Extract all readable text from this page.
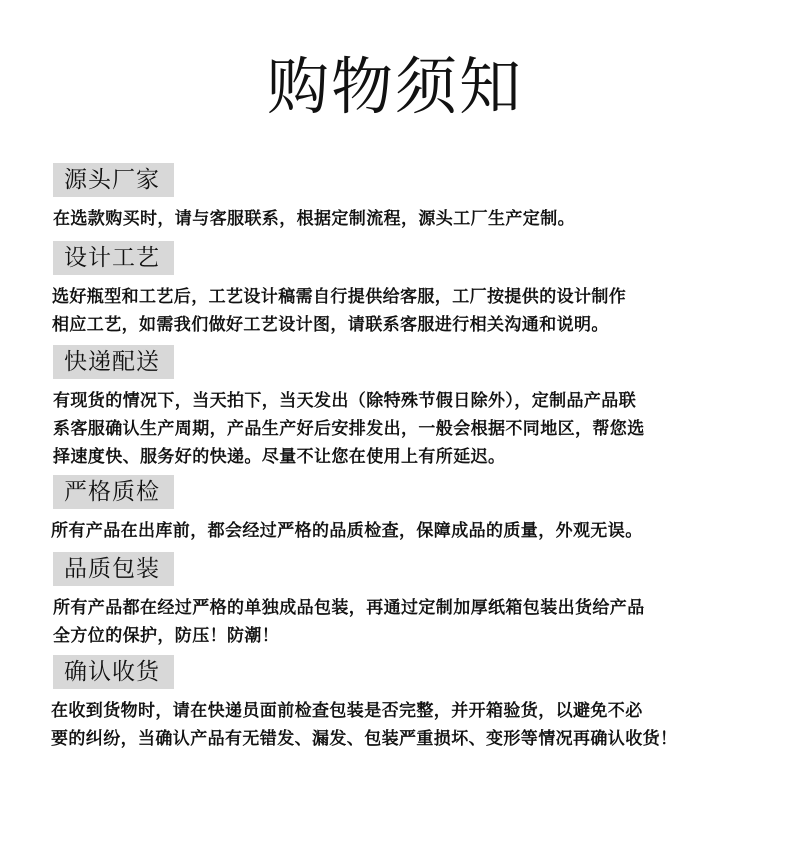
购物须知
源头厂家
在选款购买时，请与客服联系，根据定制流程，源头工厂生产定制。
设计工艺
选好瓶型和工艺后，工艺设计稿需自行提供给客服，工厂按提供的设计制作
相应工艺，如需我们做好工艺设计图，请联系客服进行相关沟通和说明。
快递配送
有现货的情况下，当天拍下，当天发出（除特殊节假日除外），定制品产品联
系客服确认生产周期，产品生产好后安排发出，一般会根据不同地区，帮您选
择速度快、服务好的快递。尽量不让您在使用上有所延迟。
严格质检
所有产品在出库前，都会经过严格的品质检查，保障成品的质量，外观无误。
品质包装
所有产品都在经过严格的单独成品包装，再通过定制加厚纸箱包装出货给产品
全方位的保护，防压！防潮！
确认收货
在收到货物时，请在快递员面前检查包装是否完整，并开箱验货，以避免不必
要的纠纷，当确认产品有无错发、漏发、包装严重损坏、变形等情况再确认收货！
